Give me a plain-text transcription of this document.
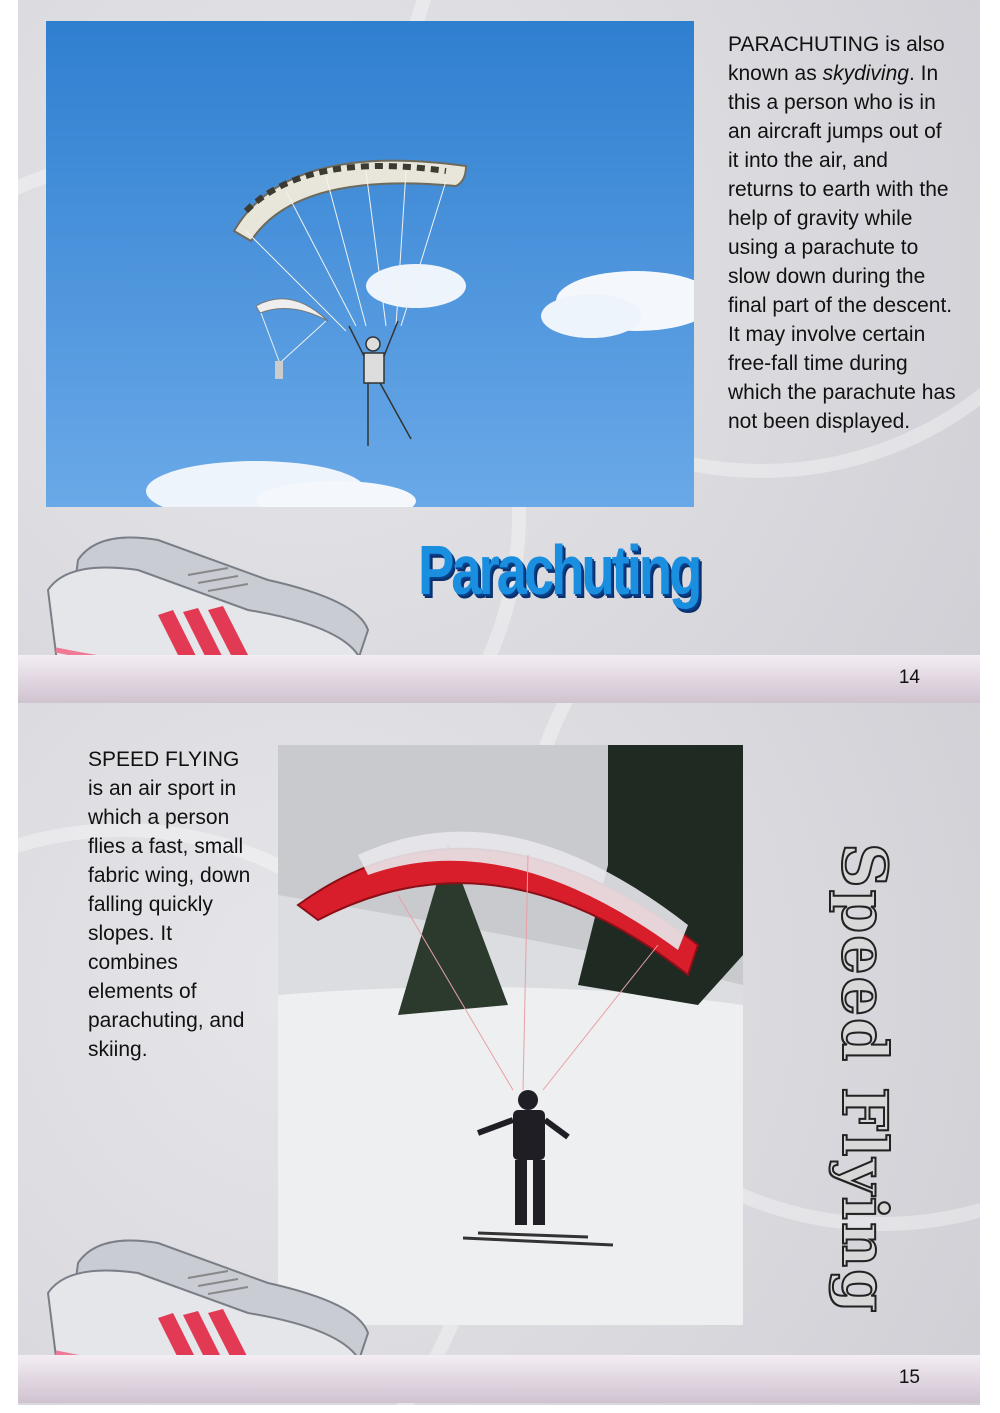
PARACHUTING is also known as skydiving. In this a person who is in an aircraft jumps out of it into the air, and returns to earth with the help of gravity while using a parachute to slow down during the final part of the descent. It may involve certain free-fall time during which the parachute has not been displayed.
Parachuting
14
SPEED FLYING is an air sport in which a person flies a fast, small fabric wing, down falling quickly slopes. It combines elements of parachuting, and skiing.	Speed Flying
15
